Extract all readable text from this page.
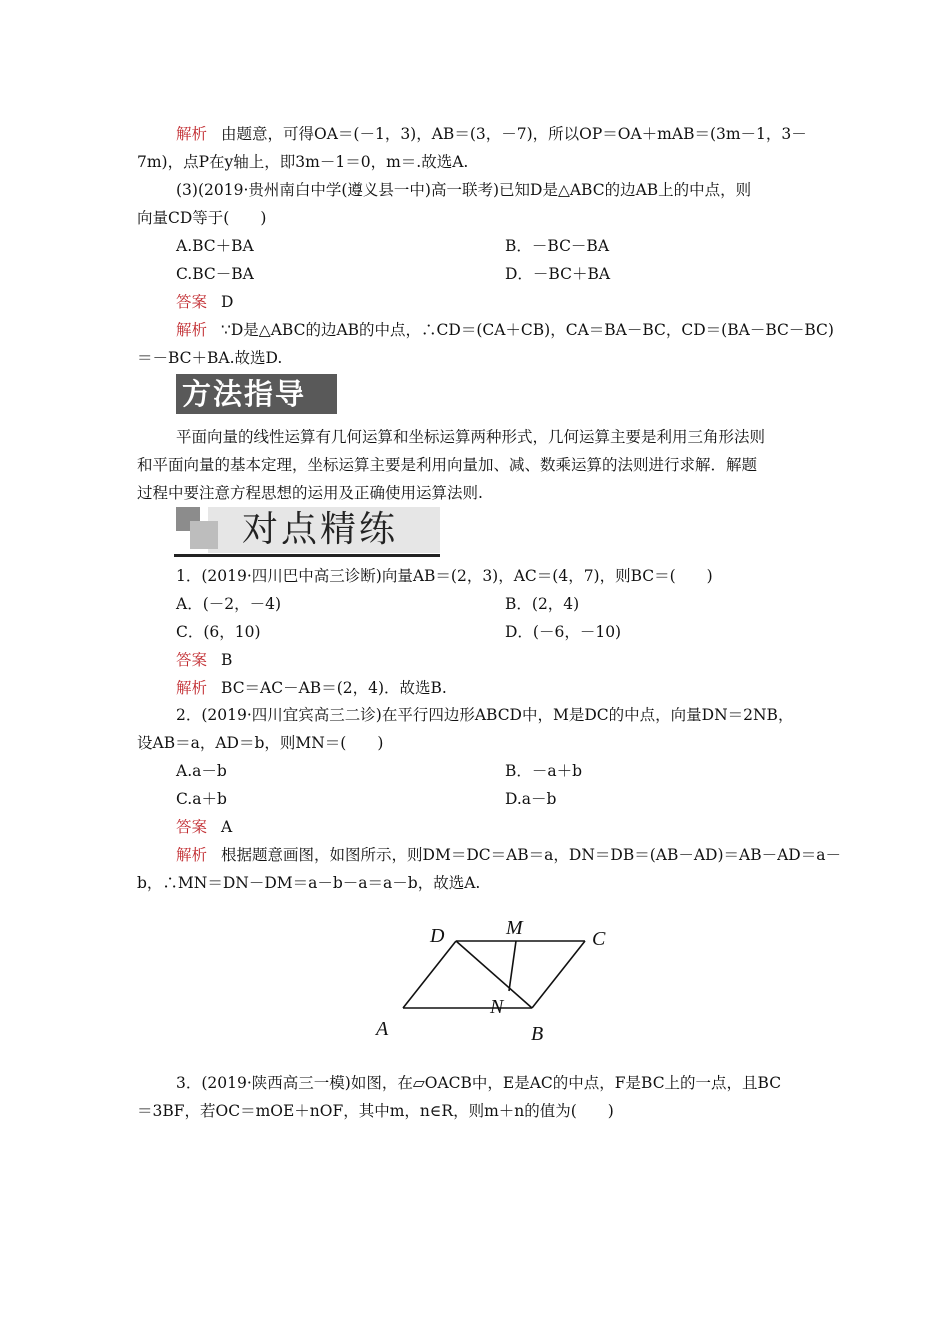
解析 由题意，可得OA＝(－1，3)，AB＝(3，－7)，所以OP＝OA＋mAB＝(3m－1，3－
7m)，点P在y轴上，即3m－1＝0，m＝.故选A.
(3)(2019·贵州南白中学(遵义县一中)高一联考)已知D是△ABC的边AB上的中点，则
向量CD等于(　　)
A.BC＋BA	B．－BC－BA
C.BC－BA	D．－BC＋BA
答案 D
解析 ∵D是△ABC的边AB的中点，∴CD＝(CA＋CB)，CA＝BA－BC，CD＝(BA－BC－BC)
＝－BC＋BA.故选D.
方法指导
平面向量的线性运算有几何运算和坐标运算两种形式，几何运算主要是利用三角形法则
和平面向量的基本定理，坐标运算主要是利用向量加、减、数乘运算的法则进行求解．解题
过程中要注意方程思想的运用及正确使用运算法则.
对点精练
1．(2019·四川巴中高三诊断)向量AB＝(2，3)，AC＝(4，7)，则BC＝(　　)
A．(－2，－4)	B．(2，4)
C．(6，10)	D．(－6，－10)
答案 B
解析 BC＝AC－AB＝(2，4)．故选B.
2．(2019·四川宜宾高三二诊)在平行四边形ABCD中，M是DC的中点，向量DN＝2NB，
设AB＝a，AD＝b，则MN＝(　　)
A.a－b	B．－a＋b
C.a＋b	D.a－b
答案 A
解析 根据题意画图，如图所示，则DM＝DC＝AB＝a，DN＝DB＝(AB－AD)＝AB－AD＝a－
b，∴MN＝DN－DM＝a－b－a＝a－b，故选A.
D	M	C
N
A	B
3．(2019·陕西高三一模)如图，在▱OACB中，E是AC的中点，F是BC上的一点，且BC
＝3BF，若OC＝mOE＋nOF，其中m，n∈R，则m＋n的值为(　　)
